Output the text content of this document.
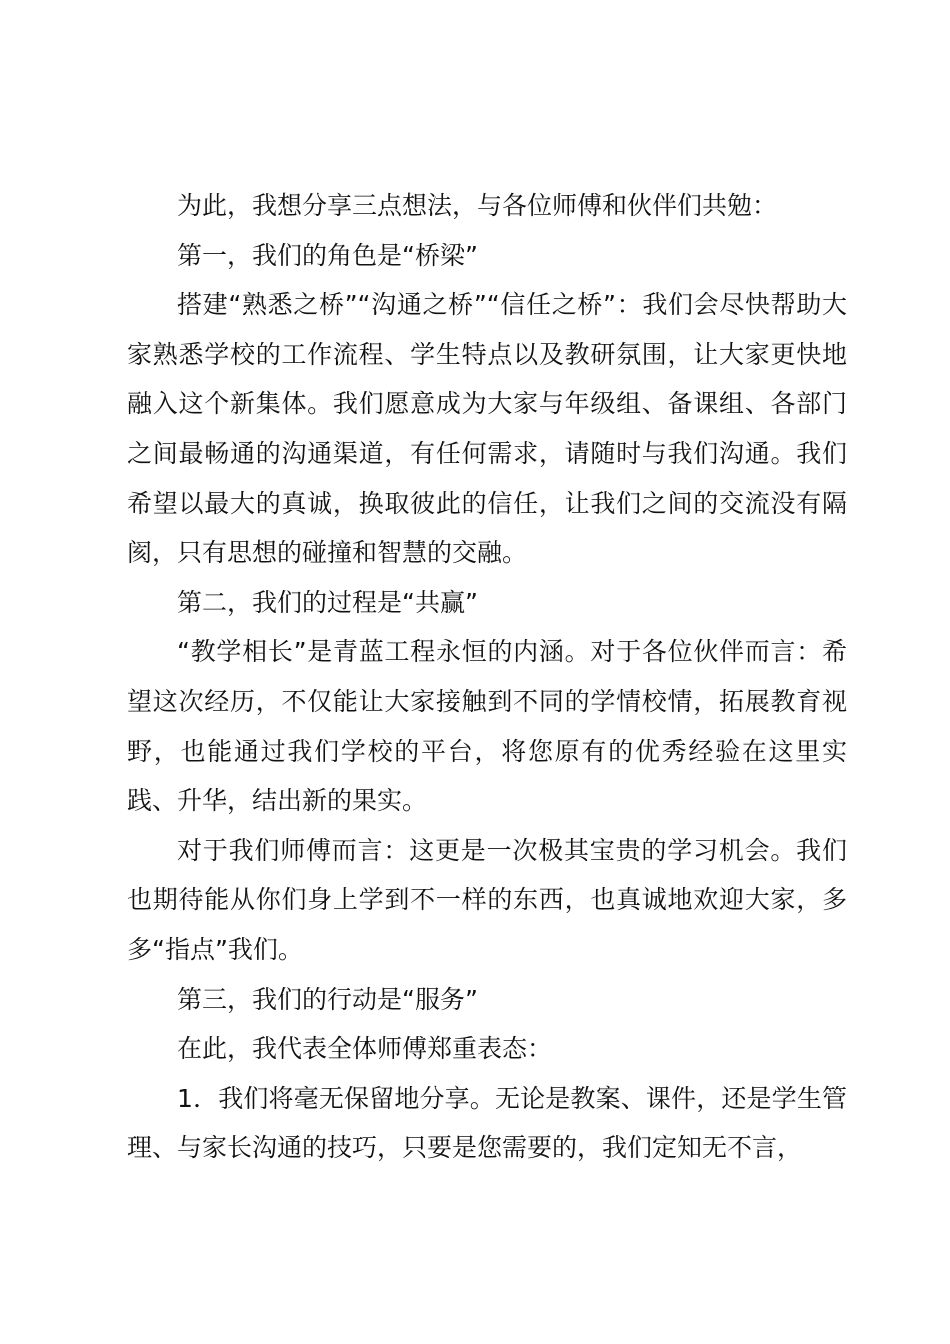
为此，我想分享三点想法，与各位师傅和伙伴们共勉：

第一，我们的角色是“桥梁”

搭建“熟悉之桥”“沟通之桥”“信任之桥”：我们会尽快帮助大家熟悉学校的工作流程、学生特点以及教研氛围，让大家更快地融入这个新集体。我们愿意成为大家与年级组、备课组、各部门之间最畅通的沟通渠道，有任何需求，请随时与我们沟通。我们希望以最大的真诚，换取彼此的信任，让我们之间的交流没有隔阂，只有思想的碰撞和智慧的交融。

第二，我们的过程是“共赢”

“教学相长”是青蓝工程永恒的内涵。对于各位伙伴而言：希望这次经历，不仅能让大家接触到不同的学情校情，拓展教育视野，也能通过我们学校的平台，将您原有的优秀经验在这里实践、升华，结出新的果实。

对于我们师傅而言：这更是一次极其宝贵的学习机会。我们也期待能从你们身上学到不一样的东西，也真诚地欢迎大家，多多“指点”我们。

第三，我们的行动是“服务”

在此，我代表全体师傅郑重表态：

1．我们将毫无保留地分享。无论是教案、课件，还是学生管理、与家长沟通的技巧，只要是您需要的，我们定知无不言，
